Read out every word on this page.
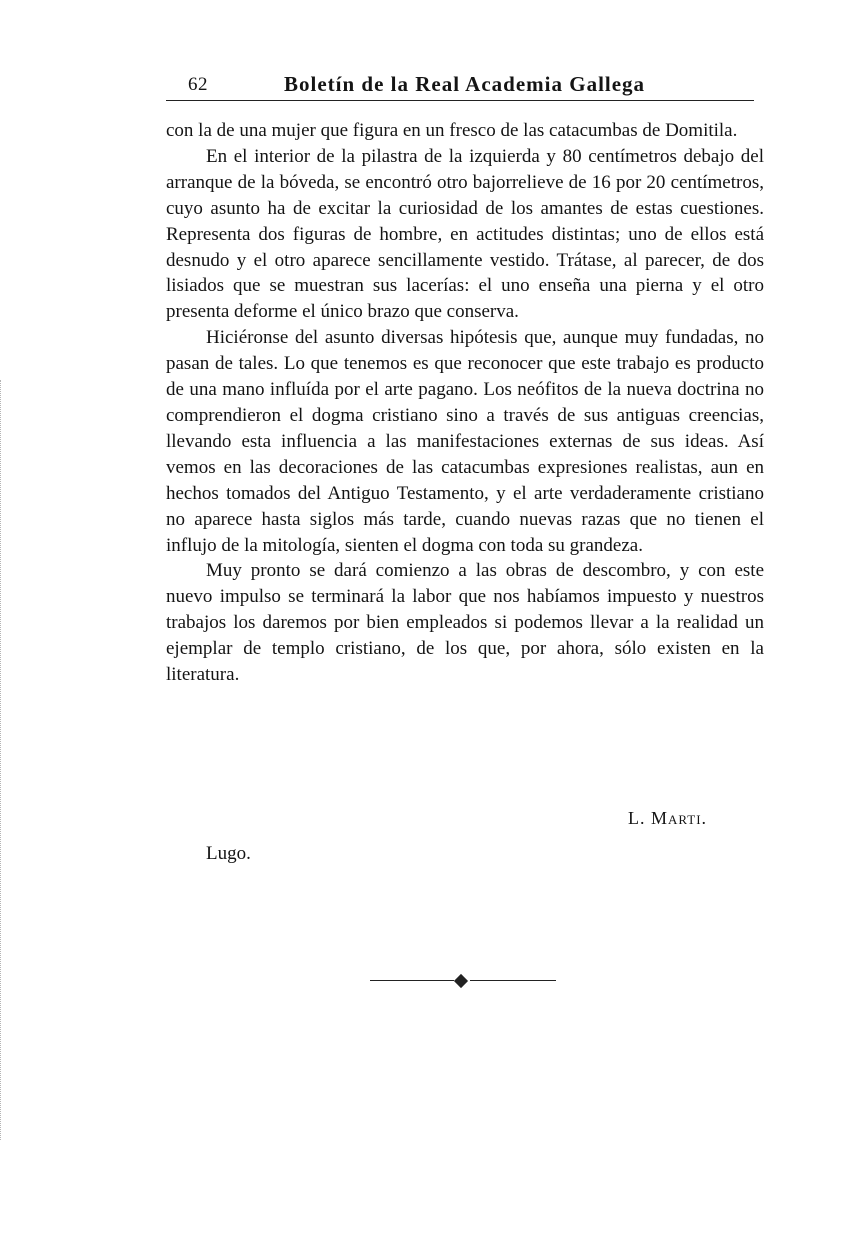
62	Boletín de la Real Academia Gallega

con la de una mujer que figura en un fresco de las catacumbas de Domitila.

En el interior de la pilastra de la izquierda y 80 centímetros debajo del arranque de la bóveda, se encontró otro bajorrelieve de 16 por 20 centímetros, cuyo asunto ha de excitar la curiosidad de los amantes de estas cuestiones. Representa dos figuras de hombre, en actitudes distintas; uno de ellos está desnudo y el otro aparece sencillamente vestido. Trátase, al parecer, de dos lisiados que se muestran sus lacerías: el uno enseña una pierna y el otro presenta deforme el único brazo que conserva.

Hiciéronse del asunto diversas hipótesis que, aunque muy fundadas, no pasan de tales. Lo que tenemos es que reconocer que este trabajo es producto de una mano influída por el arte pagano. Los neófitos de la nueva doctrina no comprendieron el dogma cristiano sino a través de sus antiguas creencias, llevando esta influencia a las manifestaciones externas de sus ideas. Así vemos en las decoraciones de las catacumbas expresiones realistas, aun en hechos tomados del Antiguo Testamento, y el arte verdaderamente cristiano no aparece hasta siglos más tarde, cuando nuevas razas que no tienen el influjo de la mitología, sienten el dogma con toda su grandeza.

Muy pronto se dará comienzo a las obras de descombro, y con este nuevo impulso se terminará la labor que nos habíamos impuesto y nuestros trabajos los daremos por bien empleados si podemos llevar a la realidad un ejemplar de templo cristiano, de los que, por ahora, sólo existen en la literatura.

L. Marti.
Lugo.
